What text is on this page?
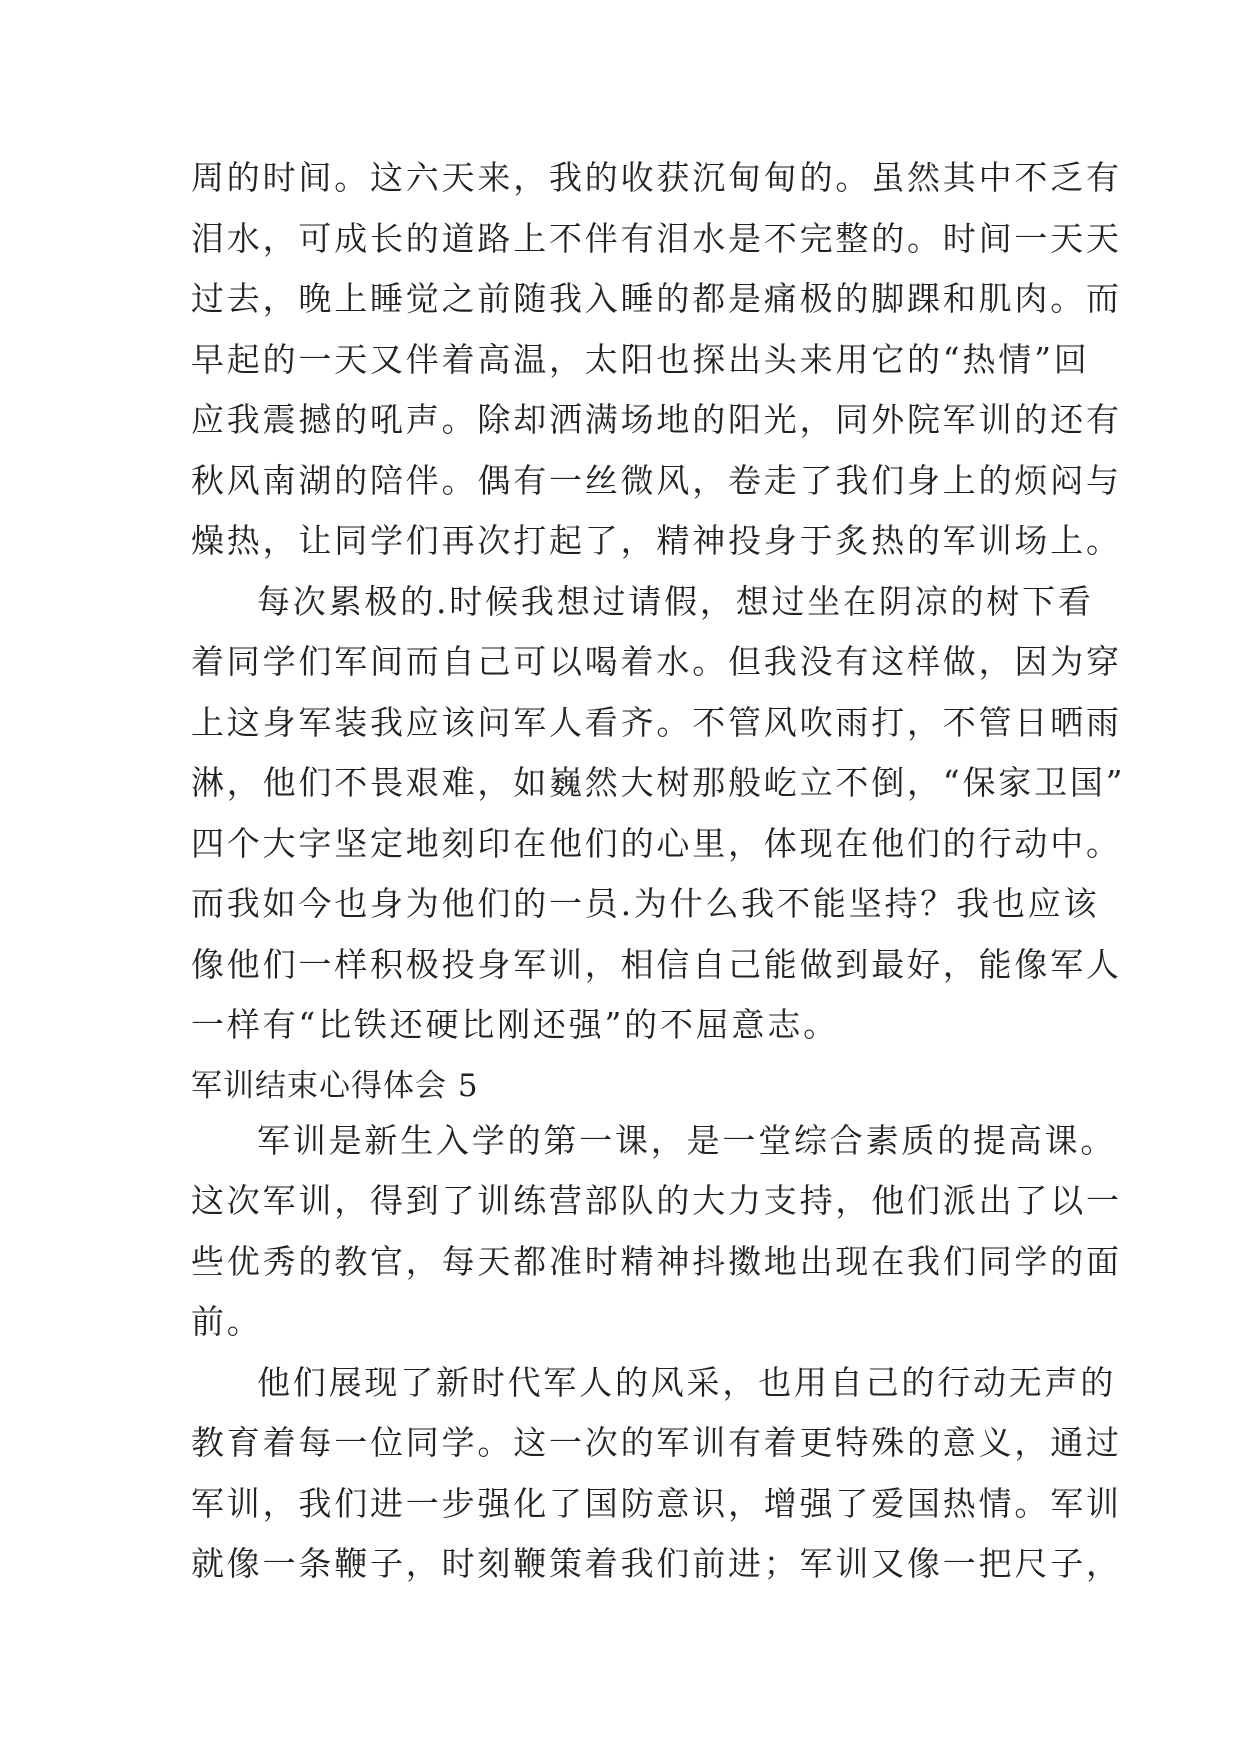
周的时间。这六天来，我的收获沉甸甸的。虽然其中不乏有
泪水，可成长的道路上不伴有泪水是不完整的。时间一天天
过去，晚上睡觉之前随我入睡的都是痛极的脚踝和肌肉。而
早起的一天又伴着高温，太阳也探出头来用它的“热情”回
应我震撼的吼声。除却洒满场地的阳光，同外院军训的还有
秋风南湖的陪伴。偶有一丝微风，卷走了我们身上的烦闷与
燥热，让同学们再次打起了，精神投身于炙热的军训场上。
每次累极的.时候我想过请假，想过坐在阴凉的树下看
着同学们军间而自己可以喝着水。但我没有这样做，因为穿
上这身军装我应该问军人看齐。不管风吹雨打，不管日晒雨
淋，他们不畏艰难，如巍然大树那般屹立不倒，“保家卫国”
四个大字坚定地刻印在他们的心里，体现在他们的行动中。
而我如今也身为他们的一员.为什么我不能坚持？我也应该
像他们一样积极投身军训，相信自己能做到最好，能像军人
一样有“比铁还硬比刚还强”的不屈意志。
军训结束心得体会 5
军训是新生入学的第一课，是一堂综合素质的提高课。
这次军训，得到了训练营部队的大力支持，他们派出了以一
些优秀的教官，每天都准时精神抖擞地出现在我们同学的面
前。
他们展现了新时代军人的风采，也用自己的行动无声的
教育着每一位同学。这一次的军训有着更特殊的意义，通过
军训，我们进一步强化了国防意识，增强了爱国热情。军训
就像一条鞭子，时刻鞭策着我们前进；军训又像一把尺子，
